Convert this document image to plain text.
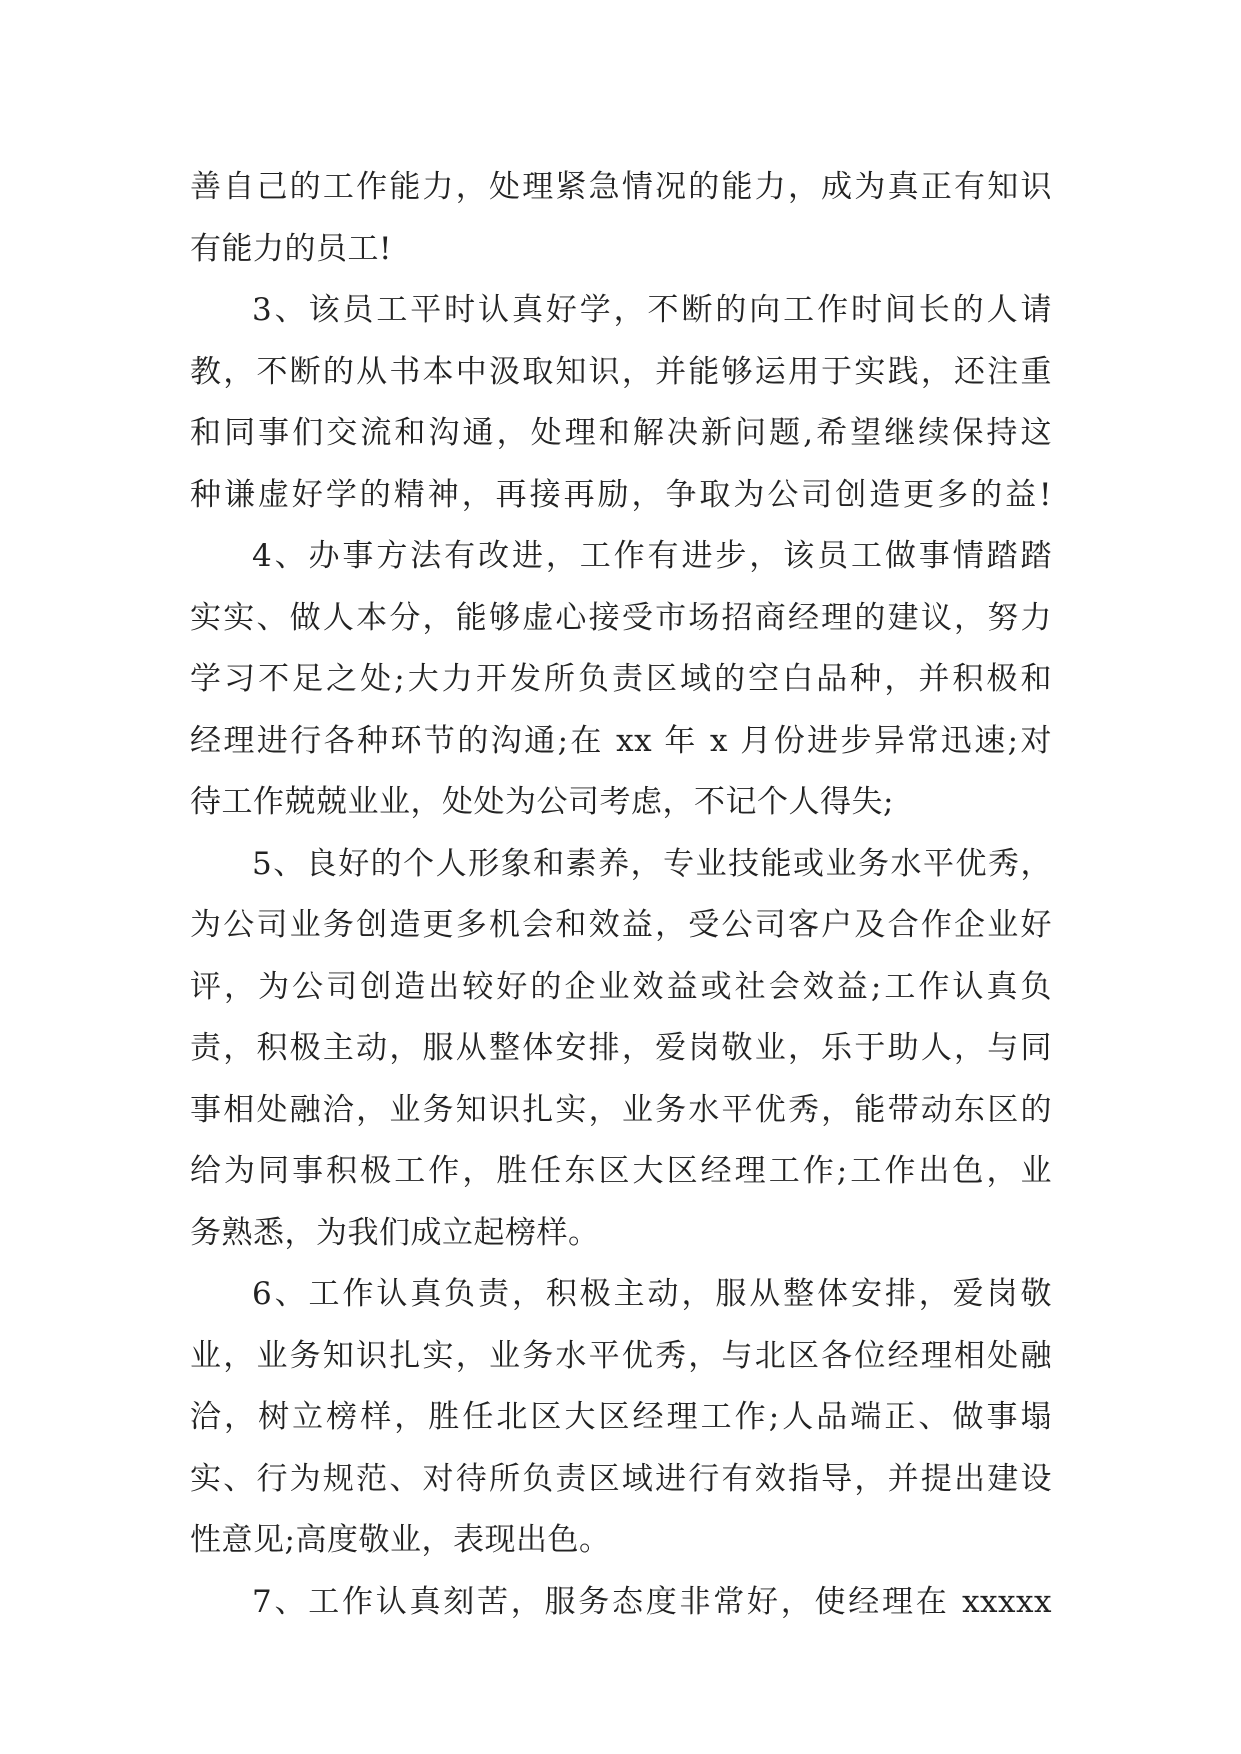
善自己的工作能力，处理紧急情况的能力，成为真正有知识
有能力的员工!
3、该员工平时认真好学，不断的向工作时间长的人请
教，不断的从书本中汲取知识，并能够运用于实践，还注重
和同事们交流和沟通，处理和解决新问题,希望继续保持这
种谦虚好学的精神，再接再励，争取为公司创造更多的益!
4、办事方法有改进，工作有进步，该员工做事情踏踏
实实、做人本分，能够虚心接受市场招商经理的建议，努力
学习不足之处;大力开发所负责区域的空白品种，并积极和
经理进行各种环节的沟通;在 xx 年 x 月份进步异常迅速;对
待工作兢兢业业，处处为公司考虑，不记个人得失;
5、良好的个人形象和素养，专业技能或业务水平优秀，
为公司业务创造更多机会和效益，受公司客户及合作企业好
评，为公司创造出较好的企业效益或社会效益;工作认真负
责，积极主动，服从整体安排，爱岗敬业，乐于助人，与同
事相处融洽，业务知识扎实，业务水平优秀，能带动东区的
给为同事积极工作，胜任东区大区经理工作;工作出色，业
务熟悉，为我们成立起榜样。
6、工作认真负责，积极主动，服从整体安排，爱岗敬
业，业务知识扎实，业务水平优秀，与北区各位经理相处融
洽，树立榜样，胜任北区大区经理工作;人品端正、做事塌
实、行为规范、对待所负责区域进行有效指导，并提出建设
性意见;高度敬业，表现出色。
7、工作认真刻苦，服务态度非常好，使经理在 xxxxx
